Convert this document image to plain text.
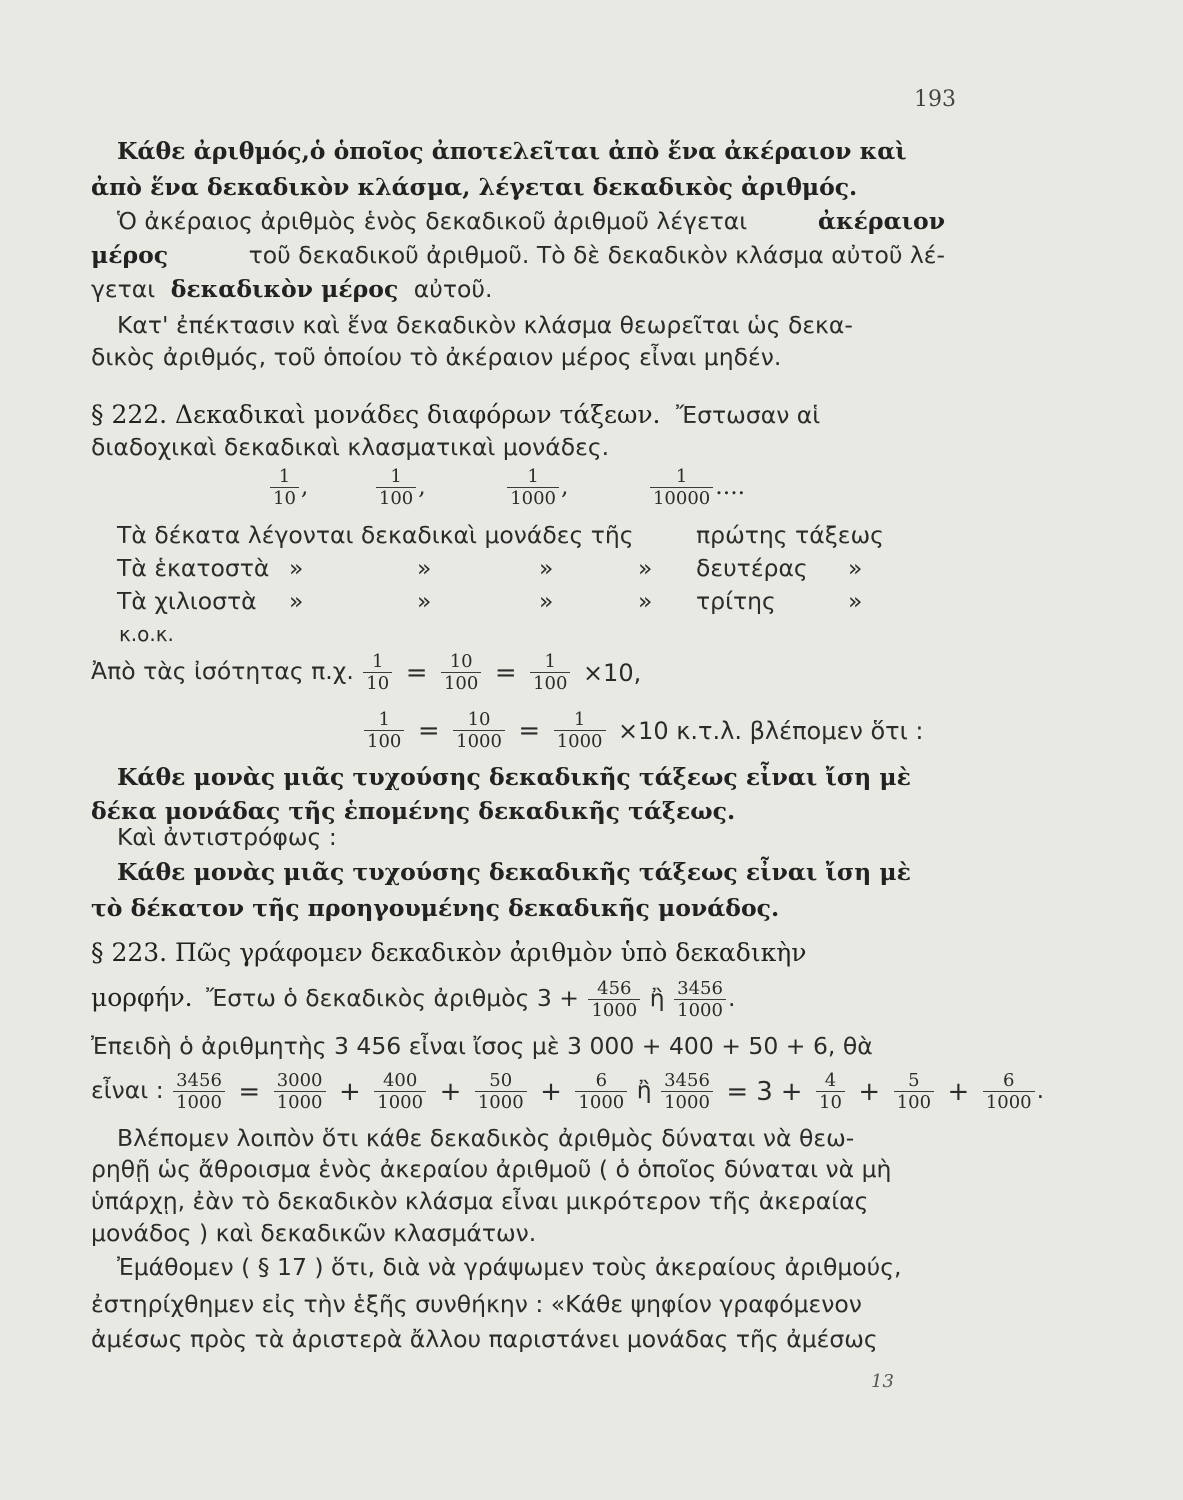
193
Κάθε ἀριθμός,ὁ ὁποῖος ἀποτελεῖται ἀπὸ ἕνα ἀκέραιον καὶ
ἀπὸ ἕνα δεκαδικὸν κλάσμα, λέγεται δεκαδικὸς ἀριθμός.
Ὁ ἀκέραιος ἀριθμὸς ἑνὸς δεκαδικοῦ ἀριθμοῦ λέγεται	ἀκέραιον
μέρος	τοῦ δεκαδικοῦ ἀριθμοῦ. Τὸ δὲ δεκαδικὸν κλάσμα αὐτοῦ λέ-
γεται δεκαδικὸν μέρος αὐτοῦ.
Κατ' ἐπέκτασιν καὶ ἕνα δεκαδικὸν κλάσμα θεωρεῖται ὡς δεκα-
δικὸς ἀριθμός, τοῦ ὁποίου τὸ ἀκέραιον μέρος εἶναι μηδέν.
§ 222. Δεκαδικαὶ μονάδες διαφόρων τάξεων. Ἔστωσαν αἱ
διαδοχικαὶ δεκαδικαὶ κλασματικαὶ μονάδες.
$\frac{1}{10}$ ,	$\frac{1}{100}$ ,	$\frac{1}{1000}$ ,	$\frac{1}{10000}$ ....
Τὰ δέκατα λέγονται δεκαδικαὶ μονάδες τῆς	πρώτης τάξεως
Τὰ ἑκατοστὰ »	»	»	» δευτέρας »
Τὰ χιλιοστὰ »	»	»	» τρίτης	»
κ.ο.κ.
Ἀπὸ τὰς ἰσότητας π.χ. $\frac{1}{10} = \frac{10}{100} = \frac{1}{100} \times 10$,
$\frac{1}{100} = \frac{10}{1000} = \frac{1}{1000} \times 10$ κ.τ.λ. βλέπομεν ὅτι :
Κάθε μονὰς μιᾶς τυχούσης δεκαδικῆς τάξεως εἶναι ἴση μὲ
δέκα μονάδας τῆς ἑπομένης δεκαδικῆς τάξεως.
Καὶ ἀντιστρόφως :
Κάθε μονὰς μιᾶς τυχούσης δεκαδικῆς τάξεως εἶναι ἴση μὲ
τὸ δέκατον τῆς προηγουμένης δεκαδικῆς μονάδος.
§ 223. Πῶς γράφομεν δεκαδικὸν ἀριθμὸν ὑπὸ δεκαδικὴν
μορφήν. Ἔστω ὁ δεκαδικὸς ἀριθμὸς $3 + \frac{456}{1000}$ ἢ $\frac{3456}{1000}$ .
Ἐπειδὴ ὁ ἀριθμητὴς 3 456 εἶναι ἴσος μὲ 3 000 + 400 + 50 + 6, θὰ
εἶναι : $\frac{3456}{1000} = \frac{3000}{1000} + \frac{400}{1000} + \frac{50}{1000} + \frac{6}{1000}$ ἢ $\frac{3456}{1000} = 3 + \frac{4}{10} + \frac{5}{100} + \frac{6}{1000}$ .
Βλέπομεν λοιπὸν ὅτι κάθε δεκαδικὸς ἀριθμὸς δύναται νὰ θεω-
ρηθῇ ὡς ἄθροισμα ἑνὸς ἀκεραίου ἀριθμοῦ ( ὁ ὁποῖος δύναται νὰ μὴ
ὑπάρχῃ, ἐὰν τὸ δεκαδικὸν κλάσμα εἶναι μικρότερον τῆς ἀκεραίας
μονάδος ) καὶ δεκαδικῶν κλασμάτων.
Ἐμάθομεν ( § 17 ) ὅτι, διὰ νὰ γράψωμεν τοὺς ἀκεραίους ἀριθμούς,
ἐστηρίχθημεν εἰς τὴν ἑξῆς συνθήκην : «Κάθε ψηφίον γραφόμενον
ἀμέσως πρὸς τὰ ἀριστερὰ ἄλλου παριστάνει μονάδας τῆς ἀμέσως
13
